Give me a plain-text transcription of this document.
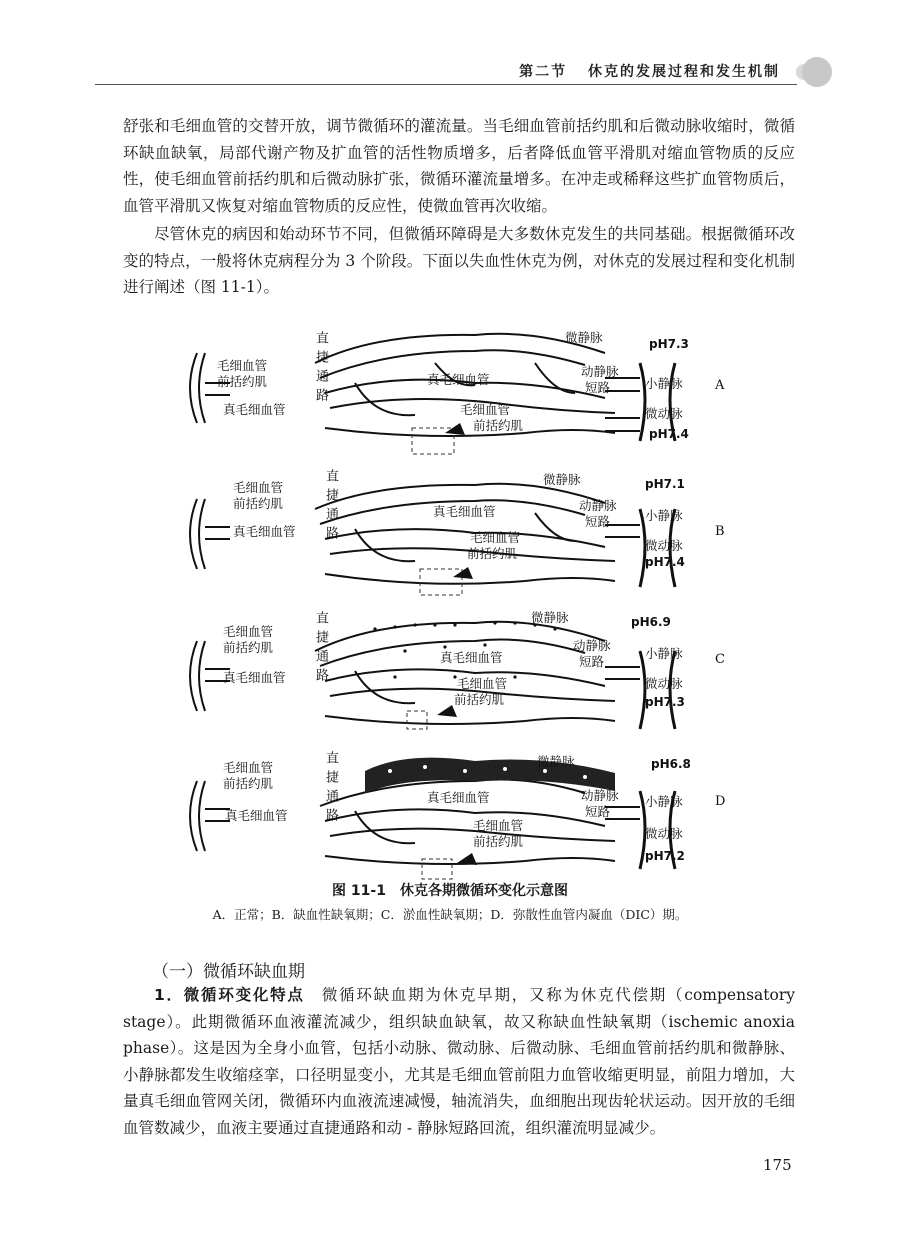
第二节 休克的发展过程和发生机制
舒张和毛细血管的交替开放，调节微循环的灌流量。当毛细血管前括约肌和后微动脉收缩时，微循环缺血缺氧，局部代谢产物及扩血管的活性物质增多，后者降低血管平滑肌对缩血管物质的反应性，使毛细血管前括约肌和后微动脉扩张，微循环灌流量增多。在冲走或稀释这些扩血管物质后，血管平滑肌又恢复对缩血管物质的反应性，使微血管再次收缩。
尽管休克的病因和始动环节不同，但微循环障碍是大多数休克发生的共同基础。根据微循环改变的特点，一般将休克病程分为 3 个阶段。下面以失血性休克为例，对休克的发展过程和变化机制进行阐述（图 11-1）。
毛细血管
前括约肌
真毛细血管
直捷通路	真毛细血管
毛细血管
前括约肌
微静脉
动静脉
短路	小静脉
微动脉
pH7.3
pH7.4
A
毛细血管
前括约肌
真毛细血管 直捷通路	真毛细血管
毛细血管
前括约肌
微静脉
动静脉
短路	小静脉
微动脉
pH7.1
pH7.4
B
毛细血管
前括约肌
真毛细血管 直捷通路	真毛细血管
毛细血管
前括约肌
微静脉
动静脉
短路
小静脉
微动脉
pH6.9
pH7.3
C
毛细血管
前括约肌
真毛细血管	直捷通路	真毛细血管
毛细血管
前括约肌
微静脉
动静脉
短路
小静脉
微动脉
pH6.8
pH7.2
D
图 11-1　休克各期微循环变化示意图
A．正常；B．缺血性缺氧期；C．淤血性缺氧期；D．弥散性血管内凝血（DIC）期。
（一）微循环缺血期
1．微循环变化特点　微循环缺血期为休克早期，又称为休克代偿期（compensatory stage）。此期微循环血液灌流减少，组织缺血缺氧，故又称缺血性缺氧期（ischemic anoxia phase）。这是因为全身小血管，包括小动脉、微动脉、后微动脉、毛细血管前括约肌和微静脉、小静脉都发生收缩痉挛，口径明显变小，尤其是毛细血管前阻力血管收缩更明显，前阻力增加，大量真毛细血管网关闭，微循环内血液流速减慢，轴流消失，血细胞出现齿轮状运动。因开放的毛细血管数减少，血液主要通过直捷通路和动 - 静脉短路回流，组织灌流明显减少。
175
